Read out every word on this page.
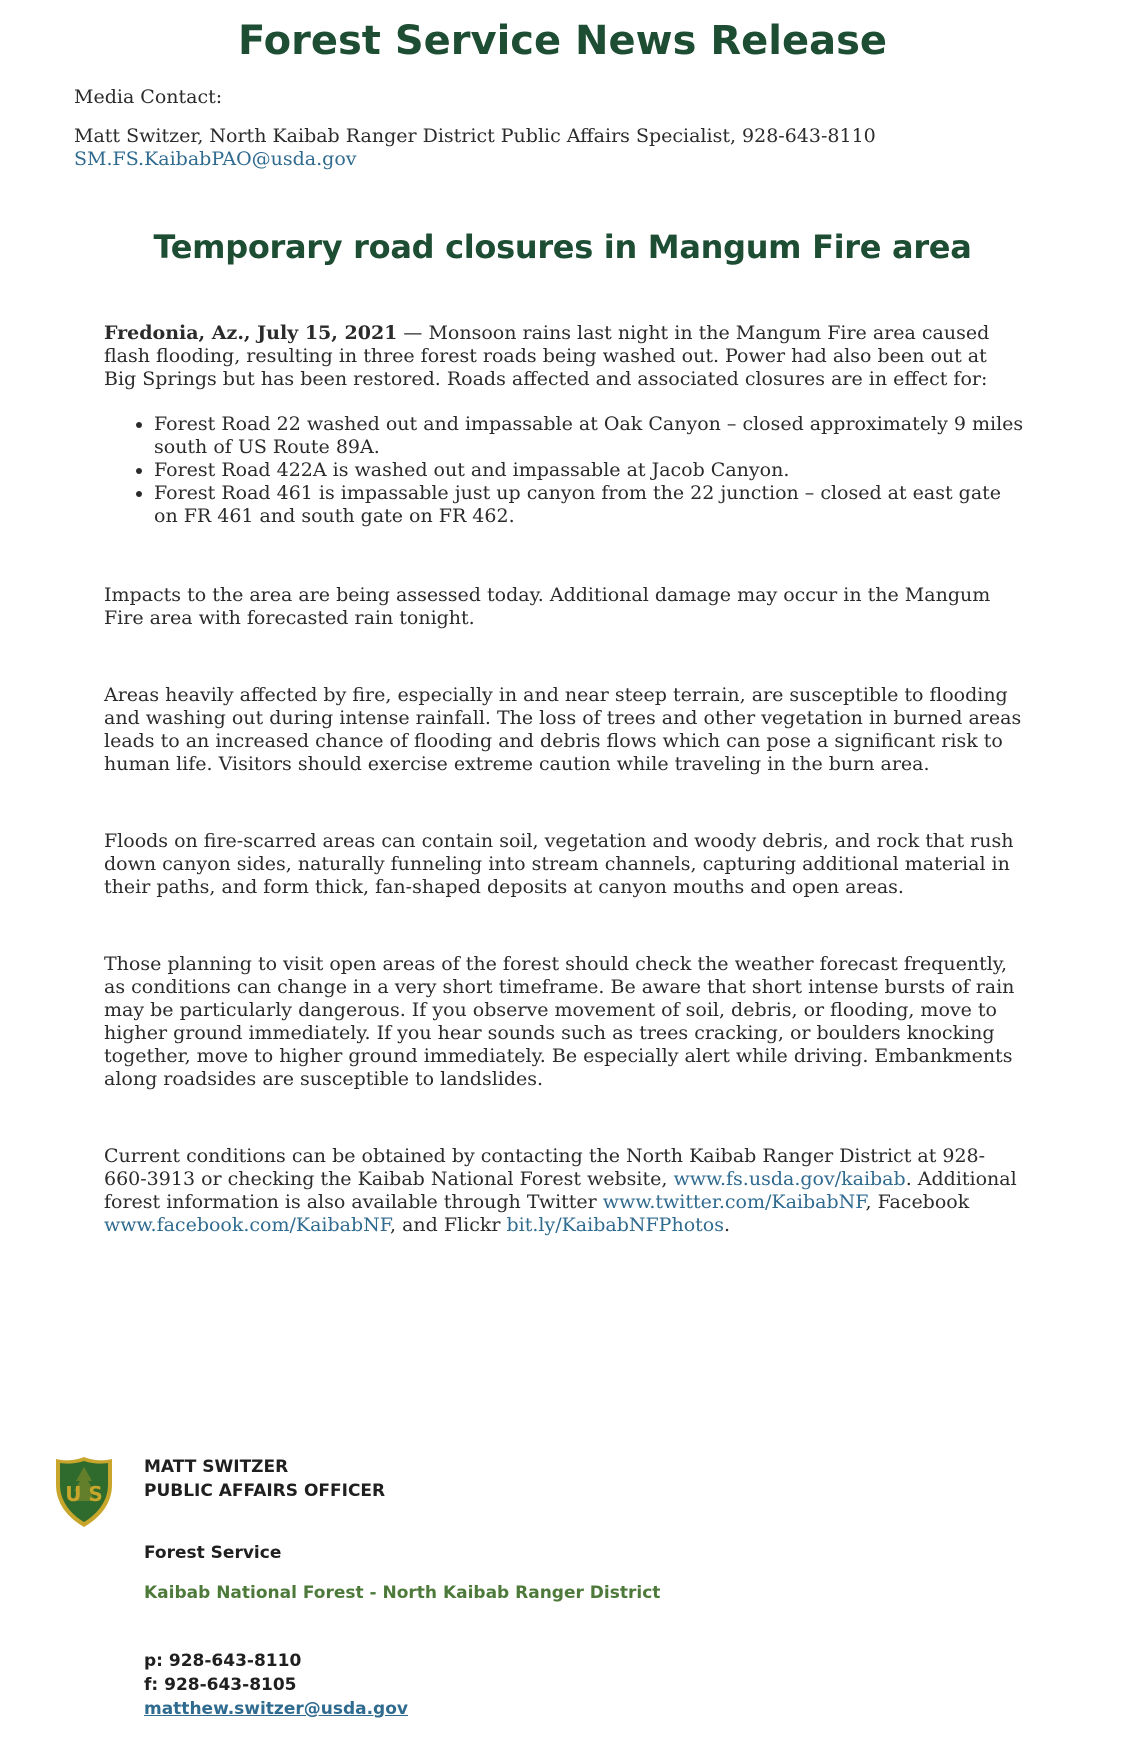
Forest Service News Release

Media Contact:

Matt Switzer, North Kaibab Ranger District Public Affairs Specialist, 928-643-8110

SM.FS.KaibabPAO@usda.gov

Temporary road closures in Mangum Fire area

Fredonia, Az., July 15, 2021 — Monsoon rains last night in the Mangum Fire area caused flash flooding, resulting in three forest roads being washed out. Power had also been out at Big Springs but has been restored. Roads affected and associated closures are in effect for:

• Forest Road 22 washed out and impassable at Oak Canyon – closed approximately 9 miles south of US Route 89A.
• Forest Road 422A is washed out and impassable at Jacob Canyon.
• Forest Road 461 is impassable just up canyon from the 22 junction – closed at east gate on FR 461 and south gate on FR 462.

Impacts to the area are being assessed today. Additional damage may occur in the Mangum Fire area with forecasted rain tonight.

Areas heavily affected by fire, especially in and near steep terrain, are susceptible to flooding and washing out during intense rainfall. The loss of trees and other vegetation in burned areas leads to an increased chance of flooding and debris flows which can pose a significant risk to human life. Visitors should exercise extreme caution while traveling in the burn area.

Floods on fire-scarred areas can contain soil, vegetation and woody debris, and rock that rush down canyon sides, naturally funneling into stream channels, capturing additional material in their paths, and form thick, fan-shaped deposits at canyon mouths and open areas.

Those planning to visit open areas of the forest should check the weather forecast frequently, as conditions can change in a very short timeframe. Be aware that short intense bursts of rain may be particularly dangerous. If you observe movement of soil, debris, or flooding, move to higher ground immediately. If you hear sounds such as trees cracking, or boulders knocking together, move to higher ground immediately. Be especially alert while driving. Embankments along roadsides are susceptible to landslides.

Current conditions can be obtained by contacting the North Kaibab Ranger District at 928-660-3913 or checking the Kaibab National Forest website, www.fs.usda.gov/kaibab. Additional forest information is also available through Twitter www.twitter.com/KaibabNF, Facebook www.facebook.com/KaibabNF, and Flickr bit.ly/KaibabNFPhotos.

U S
MATT SWITZER
PUBLIC AFFAIRS OFFICER
Forest Service
Kaibab National Forest - North Kaibab Ranger District
p: 928-643-8110
f: 928-643-8105
matthew.switzer@usda.gov
